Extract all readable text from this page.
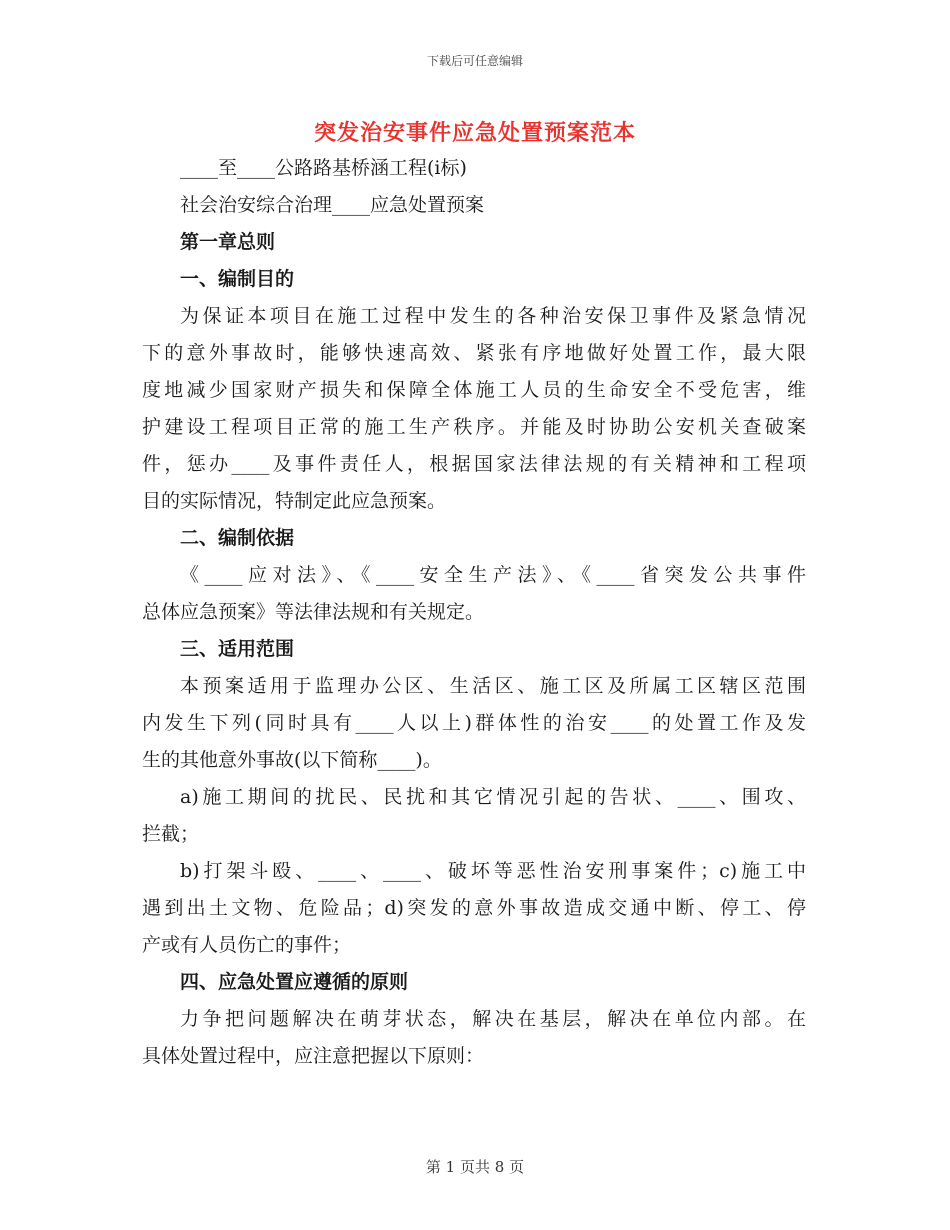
下载后可任意编辑
突发治安事件应急处置预案范本

____至____公路路基桥涵工程(i标)

社会治安综合治理____应急处置预案

第一章总则

一、编制目的

为保证本项目在施工过程中发生的各种治安保卫事件及紧急情况

下的意外事故时，能够快速高效、紧张有序地做好处置工作，最大限

度地减少国家财产损失和保障全体施工人员的生命安全不受危害，维

护建设工程项目正常的施工生产秩序。并能及时协助公安机关查破案

件，惩办____及事件责任人，根据国家法律法规的有关精神和工程项

目的实际情况，特制定此应急预案。

二、编制依据

《____应对法》、《____安全生产法》、《____省突发公共事件

总体应急预案》等法律法规和有关规定。

三、适用范围

本预案适用于监理办公区、生活区、施工区及所属工区辖区范围

内发生下列(同时具有____人以上)群体性的治安____的处置工作及发

生的其他意外事故(以下简称____)。

a)施工期间的扰民、民扰和其它情况引起的告状、____、围攻、

拦截；

b)打架斗殴、____、____、破坏等恶性治安刑事案件；c)施工中

遇到出土文物、危险品；d)突发的意外事故造成交通中断、停工、停

产或有人员伤亡的事件；

四、应急处置应遵循的原则

力争把问题解决在萌芽状态，解决在基层，解决在单位内部。在

具体处置过程中，应注意把握以下原则：

第 1 页共 8 页
